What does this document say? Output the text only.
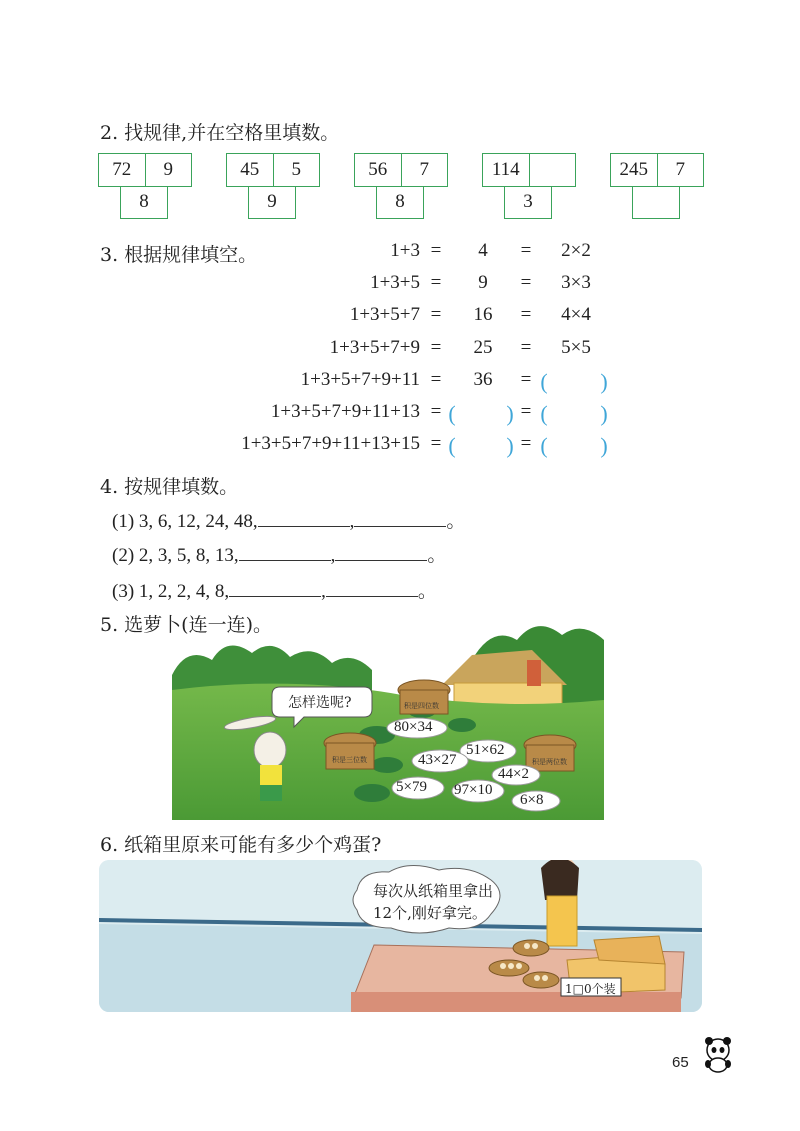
2. 找规律,并在空格里填数。
72	9
8
45	5
9
56	7
8
114
3
245	7
3. 根据规律填空。	1+3 =	4	=	2×2
1+3+5 =	9	=	3×3
1+3+5+7 =	16	=	4×4
1+3+5+7+9 =	25	=	5×5
1+3+5+7+9+11 =	36	= ( )
1+3+5+7+9+11+13 = ( ) = ( )
1+3+5+7+9+11+13+15 = ( ) = ( )
4. 按规律填数。
(1) 3, 6, 12, 24, 48,	,	。
(2) 2, 3, 5, 8, 13,	,	。
(3) 1, 2, 2, 4, 8,	,	。
5. 选萝卜(连一连)。
怎样选呢?	积是四位数
积是三位数	积是两位数
80×34
51×62
43×27
44×2
5×79 97×10
6×8
6. 纸箱里原来可能有多少个鸡蛋?
每次从纸箱里拿出
12个,刚好拿完。
1□0个装
65
